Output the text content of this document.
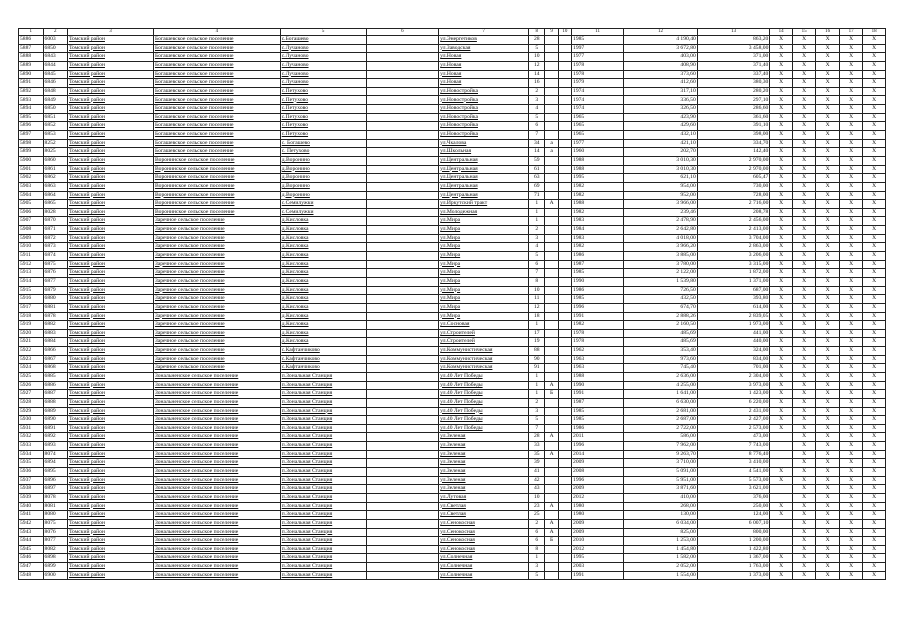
1	2	3	4	5	6	7	8	9	10	11	12	13	14	15	16	17	18
5886	6003	Томский район	Богашевское сельское поселение	с.Богашево		ул.Энергетиков	28			1985	4 190,40	863,20	X	X	X	X	X
5887	6850	Томский район	Богашевское сельское поселение	с.Лучаново		ул.Заводская	5			1997	3 672,80	3 458,00	X	X	X	X	X
5888	6843	Томский район	Богашевское сельское поселение	с.Лучаново		ул.Новая	10			1977	403,00	371,00	X	X	X	X	X
5889	6844	Томский район	Богашевское сельское поселение	с.Лучаново		ул.Новая	12			1978	408,90	371,40	X	X	X	X	X
5890	6845	Томский район	Богашевское сельское поселение	с.Лучаново		ул.Новая	14			1978	373,60	337,40	X	X	X	X	X
5891	6846	Томский район	Богашевское сельское поселение	с.Лучаново		ул.Новая	16			1979	412,60	380,30	X	X	X	X	X
5892	6848	Томский район	Богашевское сельское поселение	с.Петухово		ул.Новостройка	2			1974	317,10	280,20	X	X	X	X	X
5893	6849	Томский район	Богашевское сельское поселение	с.Петухово		ул.Новостройка	3			1974	336,50	297,10	X	X	X	X	X
5894	6850	Томский район	Богашевское сельское поселение	с.Петухово		ул.Новостройка	4			1974	326,50	286,60	X	X	X	X	X
5895	6851	Томский район	Богашевское сельское поселение	с.Петухово		ул.Новостройка	5			1965	423,90	361,60	X	X	X	X	X
5896	6852	Томский район	Богашевское сельское поселение	с.Петухово		ул.Новостройка	6			1965	429,60	391,10	X	X	X	X	X
5897	6853	Томский район	Богашевское сельское поселение	с.Петухово		ул.Новостройка	7			1965	432,10	398,00	X	X	X	X	X
5898	8252	Томский район	Богашевское сельское поселение	с. Богашево		ул.Чкалова	34	а		1977	421,10	334,70	X	X	X	X	X
5899	8025	Томский район	Богашевское сельское поселение	с. Петухово		ул.Школьная	14	а		1960	202,70	142,40	X	X	X	X	X
5900	6860	Томский район	Воронинское сельское поселение	д.Воронино		ул.Центральная	59			1988	3 010,30	2 970,00	X	X	X	X	X
5901	6861	Томский район	Воронинское сельское поселение	д.Воронино		ул.Центральная	61			1988	3 010,30	2 970,00	X	X	X	X	X
5902	6862	Томский район	Воронинское сельское поселение	д.Воронино		ул.Центральная	63			1995	621,10	605,47	X	X	X	X	X
5903	6863	Томский район	Воронинское сельское поселение	д.Воронино		ул.Центральная	69			1982	954,00	730,00	X	X	X	X	X
5904	6864	Томский район	Воронинское сельское поселение	д.Воронино		ул.Центральная	71			1982	952,00	728,00	X	X	X	X	X
5905	6865	Томский район	Воронинское сельское поселение	с.Семилужки		ул.Иркутский тракт	1	А		1988	3 966,00	2 716,00	X	X	X	X	X
5906	8028	Томский район	Воронинское сельское поселение	с.Семилужки		ул.Молодежная	1			1982	239,46	208,78	X	X	X	X	X
5907	6870	Томский район	Заречное сельское поселение	д.Кисловка		ул.Мира	1			1983	2 478,90	2 456,00	X	X	X	X	X
5908	6871	Томский район	Заречное сельское поселение	д.Кисловка		ул.Мира	2			1984	2 642,80	2 413,00	X	X	X	X	X
5909	6872	Томский район	Заречное сельское поселение	д.Кисловка		ул.Мира	3			1983	4 018,00	3 704,00	X	X	X	X	X
5910	6873	Томский район	Заречное сельское поселение	д.Кисловка		ул.Мира	4			1982	3 966,20	2 863,00	X	X	X	X	X
5911	6874	Томский район	Заречное сельское поселение	д.Кисловка		ул.Мира	5			1986	3 885,00	3 206,00	X	X	X	X	X
5912	6875	Томский район	Заречное сельское поселение	д.Кисловка		ул.Мира	6			1987	3 780,00	3 315,00	X	X	X	X	X
5913	6876	Томский район	Заречное сельское поселение	д.Кисловка		ул.Мира	7			1985	2 122,00	1 872,00	X	X	X	X	X
5914	6877	Томский район	Заречное сельское поселение	д.Кисловка		ул.Мира	8			1990	1 539,80	1 371,00	X	X	X	X	X
5915	6879	Томский район	Заречное сельское поселение	д.Кисловка		ул.Мира	10			1986	726,50	687,00	X	X	X	X	X
5916	6880	Томский район	Заречное сельское поселение	д.Кисловка		ул.Мира	11			1985	432,50	393,80	X	X	X	X	X
5917	6881	Томский район	Заречное сельское поселение	д.Кисловка		ул.Мира	12			1996	674,70	614,00	X	X	X	X	X
5918	6878	Томский район	Заречное сельское поселение	д.Кисловка		ул.Мира	18			1991	2 888,26	2 839,05	X	X	X	X	X
5919	6882	Томский район	Заречное сельское поселение	д.Кисловка		ул.Сосновая	1			1982	2 160,50	1 973,00	X	X	X	X	X
5920	6883	Томский район	Заречное сельское поселение	д.Кисловка		ул.Строителей	17			1978	485,69	441,00	X	X	X	X	X
5921	6884	Томский район	Заречное сельское поселение	д.Кисловка		ул.Строителей	19			1978	485,69	440,00	X	X	X	X	X
5922	6866	Томский район	Заречное сельское поселение	с.Кафтанчиково		ул.Коммунистическая	88			1962	353,40	324,00	X	X	X	X	X
5923	6867	Томский район	Заречное сельское поселение	с.Кафтанчиково		ул.Коммунистическая	90			1963	973,60	834,00	X	X	X	X	X
5924	6868	Томский район	Заречное сельское поселение	с.Кафтанчиково		ул.Коммунистическая	91			1963	745,40	701,00	X	X	X	X	X
5925	6885	Томский район	Зональненское сельское поселение	п.Зональная Станция		ул.40 Лет Победы	1			1988	2 636,00	2 304,00	X	X	X	X	X
5926	6886	Томский район	Зональненское сельское поселение	п.Зональная Станция		ул.40 Лет Победы	1	А		1990	4 255,00	3 973,00	X	X	X	X	X
5927	6887	Томский район	Зональненское сельское поселение	п.Зональная Станция		ул.40 Лет Победы	1	Б		1991	1 641,00	1 423,00	X	X	X	X	X
5928	6888	Томский район	Зональненское сельское поселение	п.Зональная Станция		ул.40 Лет Победы	2			1987	6 630,00	6 220,00	X	X	X	X	X
5929	6889	Томский район	Зональненское сельское поселение	п.Зональная Станция		ул.40 Лет Победы	3			1985	2 681,00	2 431,00	X	X	X	X	X
5930	6890	Томский район	Зональненское сельское поселение	п.Зональная Станция		ул.40 Лет Победы	5			1985	2 687,00	2 427,00	X	X	X	X	X
5931	6891	Томский район	Зональненское сельское поселение	п.Зональная Станция		ул.40 Лет Победы	7			1986	2 722,00	2 573,00	X	X	X	X	X
5932	6892	Томский район	Зональненское сельское поселение	п.Зональная Станция		ул.Зеленая	28	А		2011	586,00	473,00		X	X	X	X
5933	6893	Томский район	Зональненское сельское поселение	п.Зональная Станция		ул.Зеленая	33			1996	7 962,00	7 743,00		X	X	X	X
5934	8074	Томский район	Зональненское сельское поселение	п.Зональная Станция		ул.Зеленая	35	А		2014	9 263,70	8 776,40		X	X	X	X
5935	6894	Томский район	Зональненское сельское поселение	п.Зональная Станция		ул.Зеленая	39			2009	3 710,00	3 410,00		X	X	X	X
5936	6895	Томский район	Зональненское сельское поселение	п.Зональная Станция		ул.Зеленая	41			2008	5 091,00	4 541,00	X	X	X	X	X
5937	6896	Томский район	Зональненское сельское поселение	п.Зональная Станция		ул.Зеленая	42			1996	5 951,00	5 573,00	X	X	X	X	X
5938	6897	Томский район	Зональненское сельское поселение	п.Зональная Станция		ул.Зеленая	43			2009	3 871,60	3 621,00		X	X	X	X
5939	8078	Томский район	Зональненское сельское поселение	п.Зональная Станция		ул.Лутовая	10			2012	410,00	376,00		X	X	X	X
5940	8081	Томский район	Зональненское сельское поселение	п.Зональная Станция		ул.Светлая	23	А		1980	268,00	250,00	X	X	X	X	X
5941	8080	Томский район	Зональненское сельское поселение	п.Зональная Станция		ул.Светлая	25			1980	130,00	124,00	X	X	X	X	X
5942	8075	Томский район	Зональненское сельское поселение	п.Зональная Станция		ул.Сенокосная	2	А		2009	6 034,00	6 007,10		X	X	X	X
5943	8076	Томский район	Зональненское сельское поселение	п.Зональная Станция		ул.Сенокосная	6	А		2009	825,00	800,00		X	X	X	X
5944	8077	Томский район	Зональненское сельское поселение	п.Зональная Станция		ул.Сенокосная	6	Б		2010	1 253,00	1 200,00		X	X	X	X
5945	8082	Томский район	Зональненское сельское поселение	п.Зональная Станция		ул.Сенокосная	8			2012	1 454,80	1 422,80		X	X	X	X
5946	6898	Томский район	Зональненское сельское поселение	п.Зональная Станция		ул.Солнечная	1			1995	1 582,00	1 367,00	X	X	X	X	X
5947	6899	Томский район	Зональненское сельское поселение	п.Зональная Станция		ул.Солнечная	3			2003	2 052,00	1 763,00	X	X	X	X	X
5948	6900	Томский район	Зональненское сельское поселение	п.Зональная Станция		ул.Солнечная	5			1991	1 554,00	1 373,00	X	X	X	X	X
